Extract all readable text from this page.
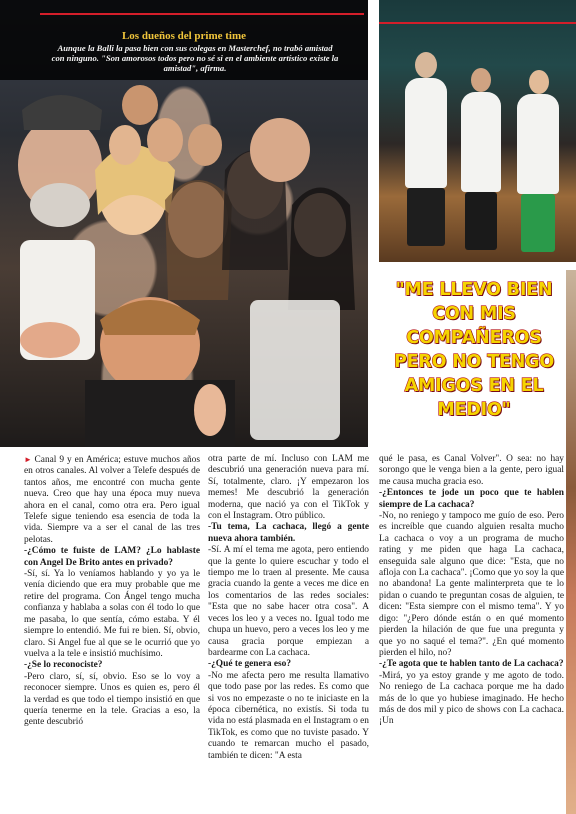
Los dueños del prime time
Aunque la Balli la pasa bien con sus colegas en Masterchef, no trabó amistad con ninguno. "Son amorosos todos pero no sé si en el ambiente artístico existe la amistad", afirma.
"ME LLEVO BIEN CON MIS COMPAÑEROS PERO NO TENGO AMIGOS EN EL MEDIO"

► Canal 9 y en América; estuve muchos años en otros canales. Al volver a Telefe después de tantos años, me encontré con mucha gente nueva. Creo que hay una época muy nueva ahora en el canal, como otra era. Pero igual Telefe sigue teniendo esa esencia de toda la vida. Siempre va a ser el canal de las tres pelotas.

-¿Cómo te fuiste de LAM? ¿Lo hablaste con Angel De Brito antes en privado?

-Sí, sí. Ya lo veníamos hablando y yo ya le venía diciendo que era muy probable que me retire del programa. Con Ángel tengo mucha confianza y hablaba a solas con él todo lo que me pasaba, lo que sentía, cómo estaba. Y él siempre lo entendió. Me fui re bien. Sí, obvio, claro. Si Angel fue al que se le ocurrió que yo vuelva a la tele e insistió muchísimo.

-¿Se lo reconociste?

-Pero claro, sí, sí, obvio. Eso se lo voy a reconocer siempre. Unos es quien es, pero él la verdad es que todo el tiempo insistió en que quería tenerme en la tele. Gracias a eso, la gente descubrió

otra parte de mí. Incluso con LAM me descubrió una generación nueva para mí. Sí, totalmente, claro. ¡Y empezaron los memes! Me descubrió la generación moderna, que nació ya con el TikTok y con el Instagram. Otro público.

-Tu tema, La cachaca, llegó a gente nueva ahora también.

-Sí. A mí el tema me agota, pero entiendo que la gente lo quiere escuchar y todo el tiempo me lo traen al presente. Me causa gracia cuando la gente a veces me dice en los comentarios de las redes sociales: "Esta que no sabe hacer otra cosa". A veces los leo y a veces no. Igual todo me chupa un huevo, pero a veces los leo y me causa gracia porque empiezan a bardearme con La cachaca.

-¿Qué te genera eso?

-No me afecta pero me resulta llamativo que todo pase por las redes. Es como que si vos no empezaste o no te iniciaste en la época cibernética, no existís. Si toda tu vida no está plasmada en el Instagram o en TikTok, es como que no tuviste pasado. Y cuando te remarcan mucho el pasado, también te dicen: "A esta

qué le pasa, es Canal Volver". O sea: no hay sorongo que le venga bien a la gente, pero igual me causa mucha gracia eso.

-¿Entonces te jode un poco que te hablen siempre de La cachaca?

-No, no reniego y tampoco me guío de eso. Pero es increíble que cuando alguien resalta mucho La cachaca o voy a un programa de mucho rating y me piden que haga La cachaca, enseguida sale alguno que dice: "Esta, que no afloja con La cachaca". ¡Como que yo soy la que no abandona! La gente malinterpreta que te lo pidan o cuando te preguntan cosas de alguien, te dicen: "Esta siempre con el mismo tema". Y yo digo: "¿Pero dónde están o en qué momento pierden la hilación de que fue una pregunta y que yo no saqué el tema?". ¿En qué momento pierden el hilo, no?

-¿Te agota que te hablen tanto de La cachaca?

-Mirá, yo ya estoy grande y me agoto de todo. No reniego de La cachaca porque me ha dado más de lo que yo hubiese imaginado. He hecho más de dos mil y pico de shows con La cachaca. ¡Un
